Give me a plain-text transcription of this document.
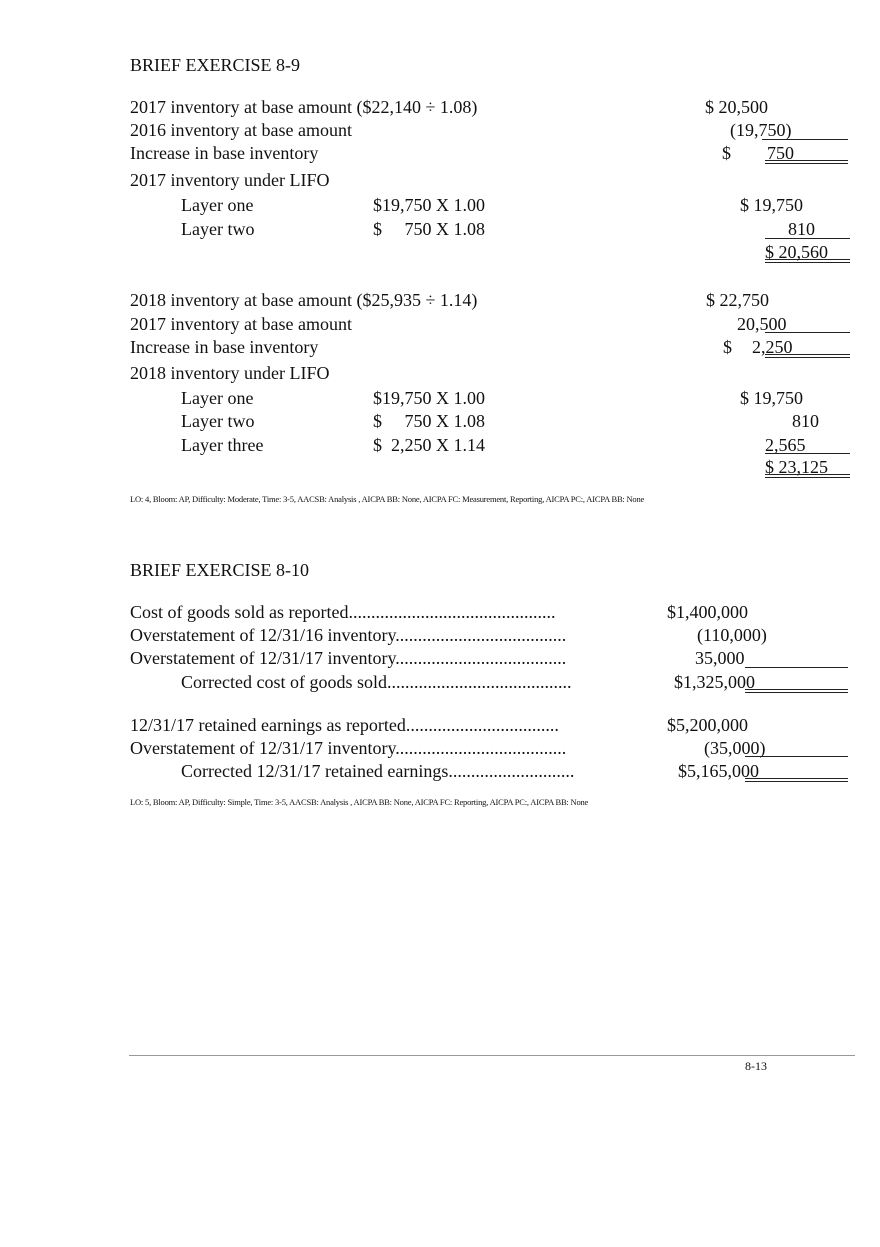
BRIEF EXERCISE 8-9
2017 inventory at base amount ($22,140 ÷ 1.08)	$ 20,500
2016 inventory at base amount	(19,750)
Increase in base inventory	$ 750
2017 inventory under LIFO
Layer one	$19,750 X 1.00	$ 19,750
Layer two	$     750 X 1.08	810
$ 20,560
2018 inventory at base amount ($25,935 ÷ 1.14)	$ 22,750
2017 inventory at base amount	20,500
Increase in base inventory	$ 2,250
2018 inventory under LIFO
Layer one	$19,750 X 1.00	$ 19,750
Layer two	$     750 X 1.08	810
Layer three	$  2,250 X 1.14	2,565
$ 23,125
LO: 4, Bloom: AP, Difficulty: Moderate, Time: 3-5, AACSB: Analysis , AICPA BB: None, AICPA FC: Measurement, Reporting, AICPA PC:, AICPA BB: None
BRIEF EXERCISE 8-10
Cost of goods sold as reported..............................................	$1,400,000
Overstatement of 12/31/16 inventory......................................	(110,000)
Overstatement of 12/31/17 inventory......................................	35,000
Corrected cost of goods sold.........................................	$1,325,000
12/31/17 retained earnings as reported..................................	$5,200,000
Overstatement of 12/31/17 inventory......................................	(35,000)
Corrected 12/31/17 retained earnings............................	$5,165,000
LO: 5, Bloom: AP, Difficulty: Simple, Time: 3-5, AACSB: Analysis , AICPA BB: None, AICPA FC: Reporting, AICPA PC:, AICPA BB: None
8-13
